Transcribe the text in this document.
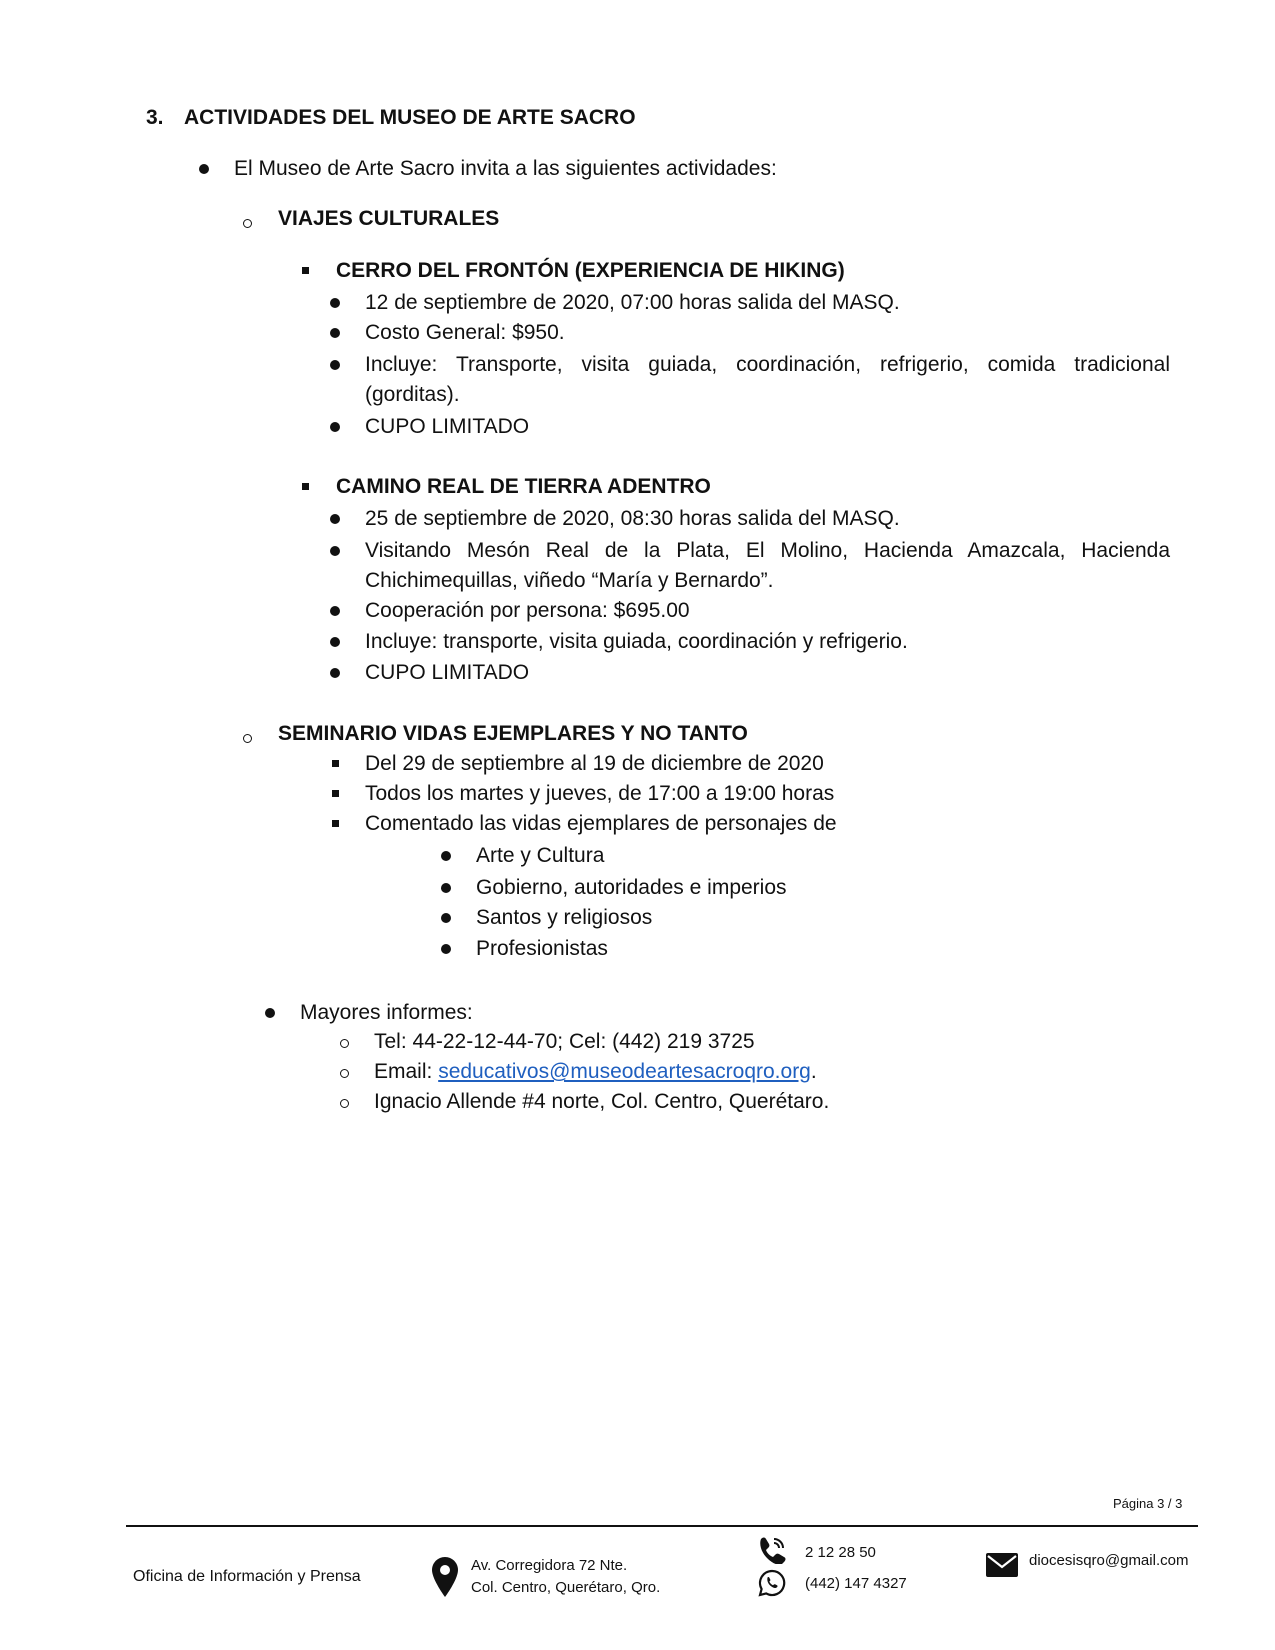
3. ACTIVIDADES DEL MUSEO DE ARTE SACRO
El Museo de Arte Sacro invita a las siguientes actividades:
VIAJES CULTURALES
CERRO DEL FRONTÓN (EXPERIENCIA DE HIKING)
12 de septiembre de 2020, 07:00 horas salida del MASQ.
Costo General: $950.
Incluye: Transporte, visita guiada, coordinación, refrigerio, comida tradicional
(gorditas).
CUPO LIMITADO
CAMINO REAL DE TIERRA ADENTRO
25 de septiembre de 2020, 08:30 horas salida del MASQ.
Visitando Mesón Real de la Plata, El Molino, Hacienda Amazcala, Hacienda
Chichimequillas, viñedo “María y Bernardo”.
Cooperación por persona: $695.00
Incluye: transporte, visita guiada, coordinación y refrigerio.
CUPO LIMITADO
SEMINARIO VIDAS EJEMPLARES Y NO TANTO
Del 29 de septiembre al 19 de diciembre de 2020
Todos los martes y jueves, de 17:00 a 19:00 horas
Comentado las vidas ejemplares de personajes de
Arte y Cultura
Gobierno, autoridades e imperios
Santos y religiosos
Profesionistas
Mayores informes:
Tel: 44-22-12-44-70; Cel: (442) 219 3725
Email: seducativos@museodeartesacroqro.org.
Ignacio Allende #4 norte, Col. Centro, Querétaro.
Página 3 / 3
Oficina de Información y Prensa
Av. Corregidora 72 Nte.
Col. Centro, Querétaro, Qro.
2 12 28 50
(442) 147 4327
diocesisqro@gmail.com
